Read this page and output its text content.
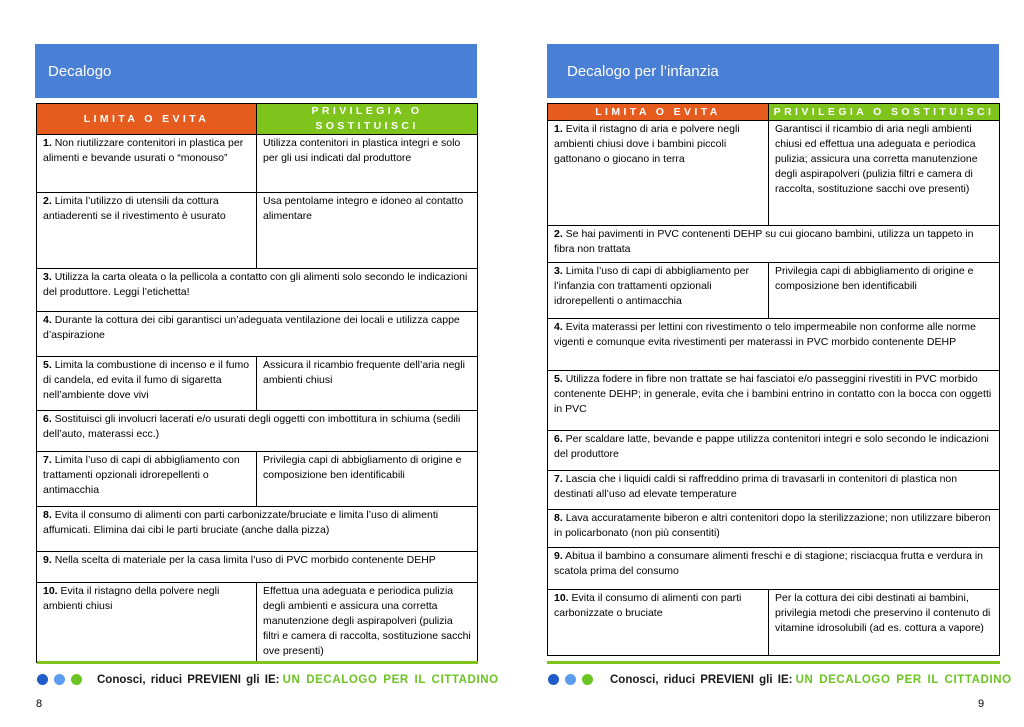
Decalogo
LIMITA O EVITA	PRIVILEGIA O SOSTITUISCI
1. Non riutilizzare contenitori in plastica per alimenti e bevande usurati o “monouso”	Utilizza contenitori in plastica integri e solo per gli usi indicati dal produttore
2. Limita l’utilizzo di utensili da cottura antiaderenti se il rivestimento è usurato	Usa pentolame integro e idoneo al contatto alimentare
3. Utilizza la carta oleata o la pellicola a contatto con gli alimenti solo secondo le indicazioni del produttore. Leggi l’etichetta!	
4. Durante la cottura dei cibi garantisci un’adeguata ventilazione dei locali e utilizza cappe d’aspirazione	
5. Limita la combustione di incenso e il fumo di candela, ed evita il fumo di sigaretta nell’ambiente dove vivi	Assicura il ricambio frequente dell’aria negli ambienti chiusi
6. Sostituisci gli involucri lacerati e/o usurati degli oggetti con imbottitura in schiuma (sedili dell’auto, materassi ecc.)	
7. Limita l’uso di capi di abbigliamento con trattamenti opzionali idrorepellenti o antimacchia	Privilegia capi di abbigliamento di origine e composizione ben identificabili
8. Evita il consumo di alimenti con parti carbonizzate/bruciate e limita l’uso di alimenti affumicati. Elimina dai cibi le parti bruciate (anche dalla pizza)	
9. Nella scelta di materiale per la casa limita l’uso di PVC morbido contenente DEHP	
10. Evita il ristagno della polvere negli ambienti chiusi	Effettua una adeguata e periodica pulizia degli ambienti e assicura una corretta manutenzione degli aspirapolveri (pulizia filtri e camera di raccolta, sostituzione sacchi ove presenti)
Conosci, riduci PREVIENI gli IE: UN DECALOGO PER IL CITTADINO
8
Decalogo per l’infanzia
LIMITA O EVITA	PRIVILEGIA O SOSTITUISCI
1. Evita il ristagno di aria e polvere negli ambienti chiusi dove i bambini piccoli gattonano o giocano in terra	Garantisci il ricambio di aria negli ambienti chiusi ed effettua una adeguata e periodica pulizia; assicura una corretta manutenzione degli aspirapolveri (pulizia filtri e camera di raccolta, sostituzione sacchi ove presenti)
2. Se hai pavimenti in PVC contenenti DEHP su cui giocano bambini, utilizza un tappeto in fibra non trattata	
3. Limita l’uso di capi di abbigliamento per l’infanzia con trattamenti opzionali idrorepellenti o antimacchia	Privilegia capi di abbigliamento di origine e composizione ben identificabili
4. Evita materassi per lettini con rivestimento o telo impermeabile non conforme alle norme vigenti e comunque evita rivestimenti per materassi in PVC morbido contenente DEHP	
5. Utilizza fodere in fibre non trattate se hai fasciatoi e/o passeggini rivestiti in PVC morbido contenente DEHP; in generale, evita che i bambini entrino in contatto con la bocca con oggetti in PVC	
6. Per scaldare latte, bevande e pappe utilizza contenitori integri e solo secondo le indicazioni del produttore	
7. Lascia che i liquidi caldi si raffreddino prima di travasarli in contenitori di plastica non destinati all’uso ad elevate temperature	
8. Lava accuratamente biberon e altri contenitori dopo la sterilizzazione; non utilizzare biberon in policarbonato (non più consentiti)	
9. Abitua il bambino a consumare alimenti freschi e di stagione; risciacqua frutta e verdura in scatola prima del consumo	
10. Evita il consumo di alimenti con parti carbonizzate o bruciate	Per la cottura dei cibi destinati ai bambini, privilegia metodi che preservino il contenuto di vitamine idrosolubili (ad es. cottura a vapore)
Conosci, riduci PREVIENI gli IE: UN DECALOGO PER IL CITTADINO
9
